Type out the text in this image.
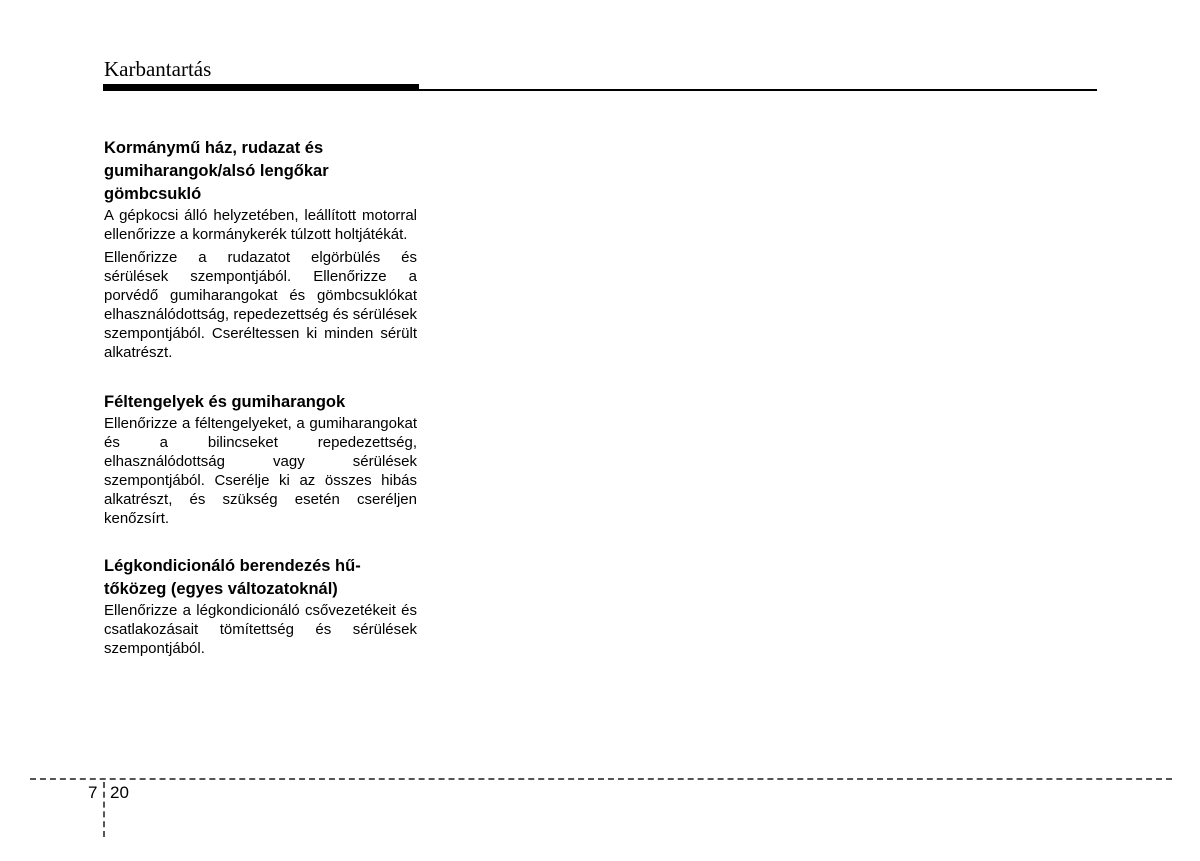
Karbantartás
Kormánymű ház, rudazat és
gumiharangok/alsó lengőkar
gömbcsukló

A gépkocsi álló helyzetében, leállított motorral ellenőrizze a kormánykerék túlzott holtjátékát.

Ellenőrizze a rudazatot elgörbülés és sérülések szempontjából. Ellenőrizze a porvédő gumiharangokat és gömbcsuklókat elhasználódottság, repedezettség és sérülések szempontjából. Cseréltessen ki minden sérült alkatrészt.

Féltengelyek és gumiharangok

Ellenőrizze a féltengelyeket, a gumiharangokat és a bilincseket repedezettség, elhasználódottság vagy sérülések szempontjából. Cserélje ki az összes hibás alkatrészt, és szükség esetén cseréljen kenőzsírt.

Légkondicionáló berendezés hű-
tőközeg (egyes változatoknál)

Ellenőrizze a légkondicionáló csővezetékeit és csatlakozásait tömítettség és sérülések szempontjából.

7 20
